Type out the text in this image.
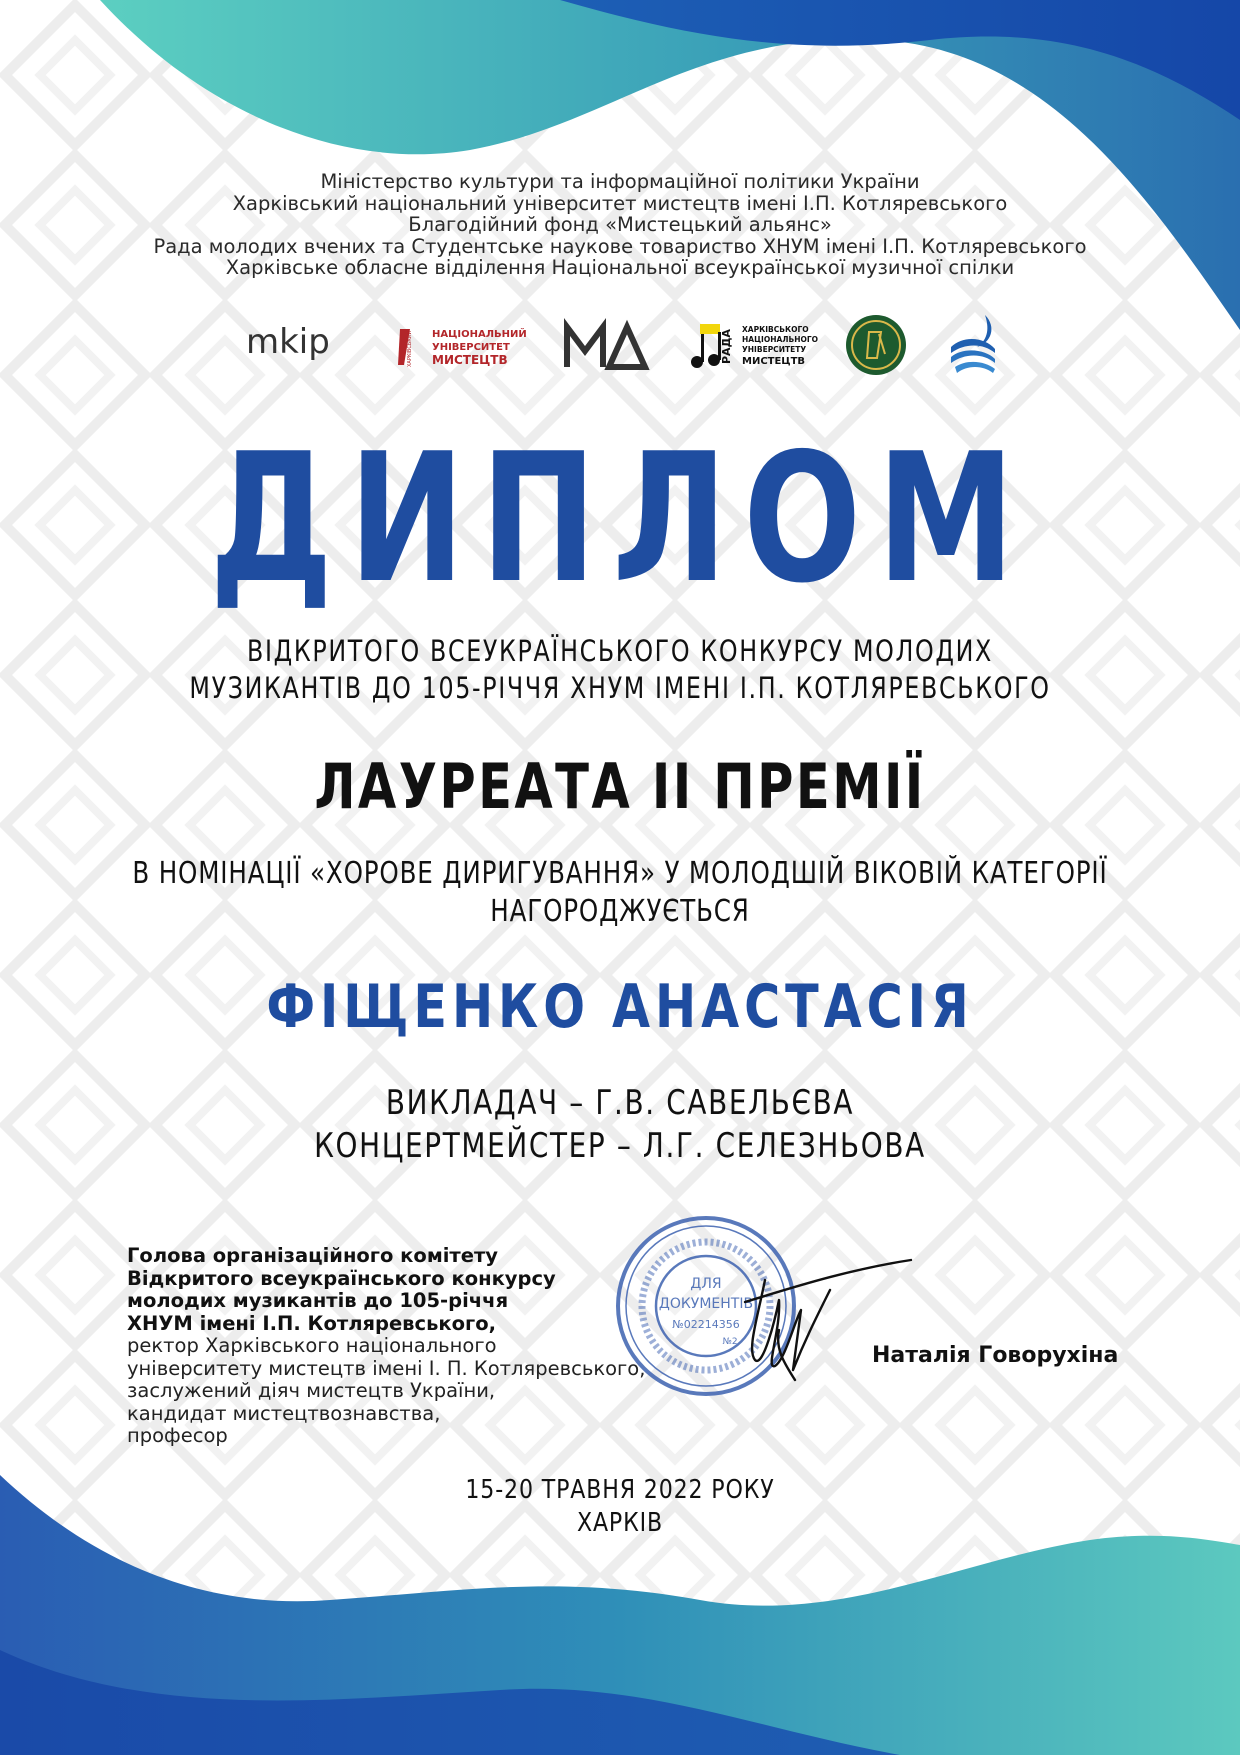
Міністерство культури та інформаційної політики України
Харківський національний університет мистецтв імені І.П. Котляревського
Благодійний фонд «Мистецький альянс»
Рада молодих вчених та Студентське наукове товариство ХНУМ імені І.П. Котляревського
Харківське обласне відділення Національної всеукраїнської музичної спілки
mkip	ХАРКІВСЬКИЙ НАЦІОНАЛЬНИЙ
УНІВЕРСИТЕТ
МИСТЕЦТВ	РАДА ХАРКІВСЬКОГО
НАЦІОНАЛЬНОГО
УНІВЕРСИТЕТУ
МИСТЕЦТВ
ДИПЛОМ
ВІДКРИТОГО ВСЕУКРАЇНСЬКОГО КОНКУРСУ МОЛОДИХ
МУЗИКАНТІВ ДО 105-РІЧЧЯ ХНУМ ІМЕНІ І.П. КОТЛЯРЕВСЬКОГО
ЛАУРЕАТА ІІ ПРЕМІЇ
В НОМІНАЦІЇ «ХОРОВЕ ДИРИГУВАННЯ» У МОЛОДШІЙ ВІКОВІЙ КАТЕГОРІЇ
НАГОРОДЖУЄТЬСЯ
ФІЩЕНКО АНАСТАСІЯ
ВИКЛАДАЧ – Г.В. САВЕЛЬЄВА
КОНЦЕРТМЕЙСТЕР – Л.Г. СЕЛЕЗНЬОВА
Голова організаційного комітету
Відкритого всеукраїнського конкурсу
молодих музикантів до 105-річчя
ХНУМ імені І.П. Котляревського,
ректор Харківського національного
університету мистецтв імені І. П. Котляревського,
заслужений діяч мистецтв України,
кандидат мистецтвознавства,
професор
ДЛЯ
ДОКУМЕНТІВ
№02214356
№2
Наталія Говорухіна
15-20 ТРАВНЯ 2022 РОКУ
ХАРКІВ
